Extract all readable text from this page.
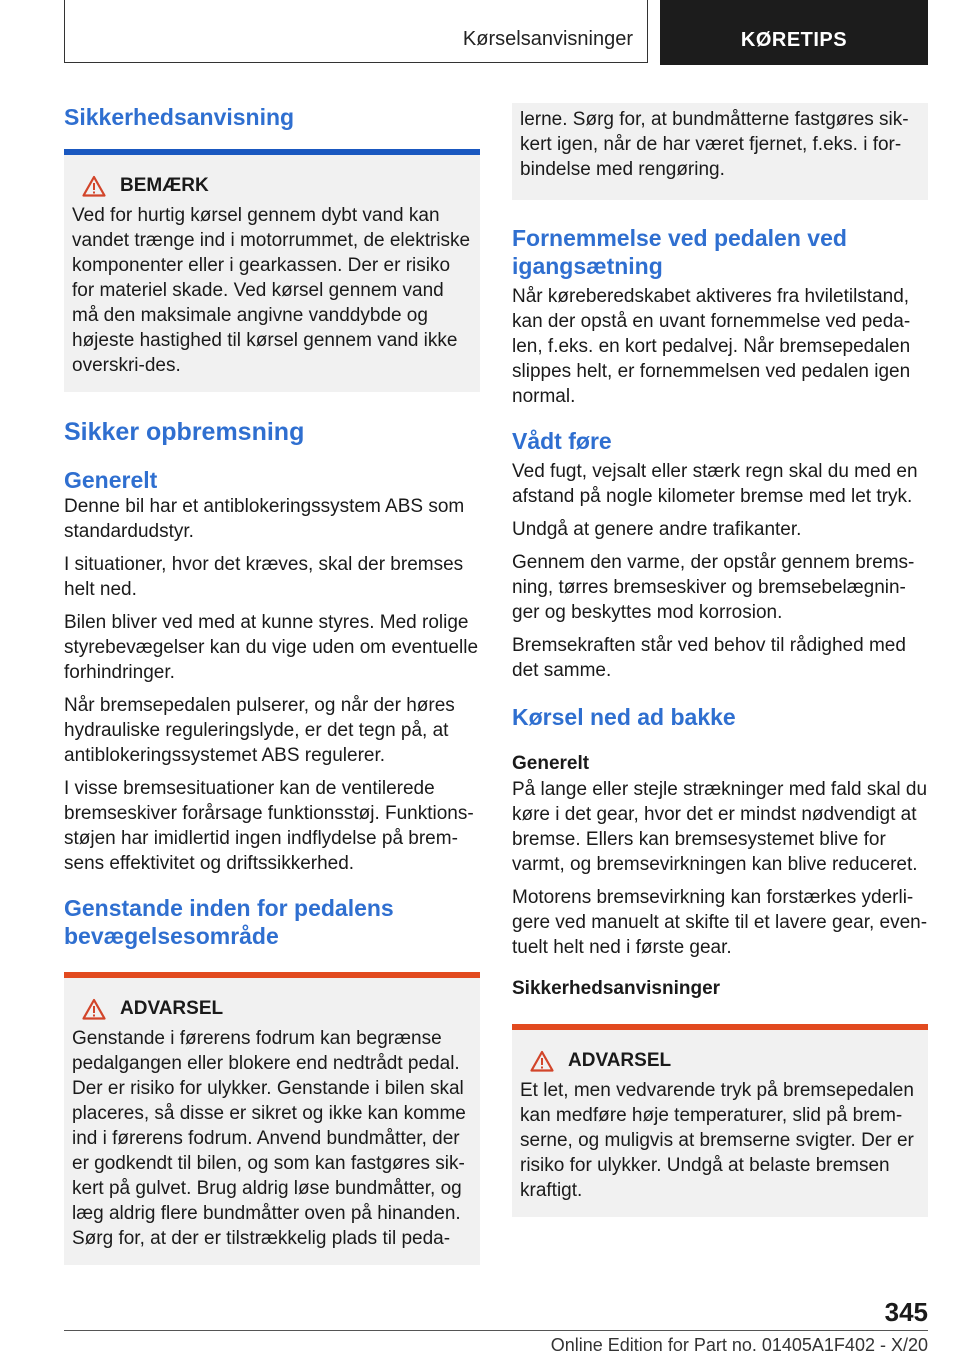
Kørselsanvisninger	KØRETIPS
Sikkerhedsanvisning
BEMÆRK

Ved for hurtig kørsel gennem dybt vand kan vandet trænge ind i motorrummet, de elektriske komponenter eller i gearkassen. Der er risiko for materiel skade. Ved kørsel gennem vand må den maksimale angivne vanddybde og højeste hastighed til kørsel gennem vand ikke overskri-des.

Sikker opbremsning
Generelt

Denne bil har et antiblokeringssystem ABS som standardudstyr.

I situationer, hvor det kræves, skal der bremses helt ned.

Bilen bliver ved med at kunne styres. Med rolige styrebevægelser kan du vige uden om eventuelle forhindringer.

Når bremsepedalen pulserer, og når der høres hydrauliske reguleringslyde, er det tegn på, at antiblokeringssystemet ABS regulerer.

I visse bremsesituationer kan de ventilerede bremseskiver forårsage funktionsstøj. Funktions-støjen har imidlertid ingen indflydelse på brem-sens effektivitet og driftssikkerhed.

Genstande inden for pedalens bevægelsesområde
ADVARSEL

Genstande i førerens fodrum kan begrænse pedalgangen eller blokere end nedtrådt pedal. Der er risiko for ulykker. Genstande i bilen skal placeres, så disse er sikret og ikke kan komme ind i førerens fodrum. Anvend bundmåtter, der er godkendt til bilen, og som kan fastgøres sik-kert på gulvet. Brug aldrig løse bundmåtter, og læg aldrig flere bundmåtter oven på hinanden. Sørg for, at der er tilstrækkelig plads til peda-

lerne. Sørg for, at bundmåtterne fastgøres sik-kert igen, når de har været fjernet, f.eks. i for-bindelse med rengøring.

Fornemmelse ved pedalen ved igangsætning

Når køreberedskabet aktiveres fra hviletilstand, kan der opstå en uvant fornemmelse ved peda-len, f.eks. en kort pedalvej. Når bremsepedalen slippes helt, er fornemmelsen ved pedalen igen normal.

Vådt føre

Ved fugt, vejsalt eller stærk regn skal du med en afstand på nogle kilometer bremse med let tryk.

Undgå at genere andre trafikanter.

Gennem den varme, der opstår gennem brems-ning, tørres bremseskiver og bremsebelægnin-ger og beskyttes mod korrosion.

Bremsekraften står ved behov til rådighed med det samme.

Kørsel ned ad bakke
Generelt

På lange eller stejle strækninger med fald skal du køre i det gear, hvor det er mindst nødvendigt at bremse. Ellers kan bremsesystemet blive for varmt, og bremsevirkningen kan blive reduceret.

Motorens bremsevirkning kan forstærkes yderli-gere ved manuelt at skifte til et lavere gear, even-tuelt helt ned i første gear.

Sikkerhedsanvisninger
ADVARSEL

Et let, men vedvarende tryk på bremsepedalen kan medføre høje temperaturer, slid på brem-serne, og muligvis at bremserne svigter. Der er risiko for ulykker. Undgå at belaste bremsen kraftigt.

345
Online Edition for Part no. 01405A1F402 - X/20
